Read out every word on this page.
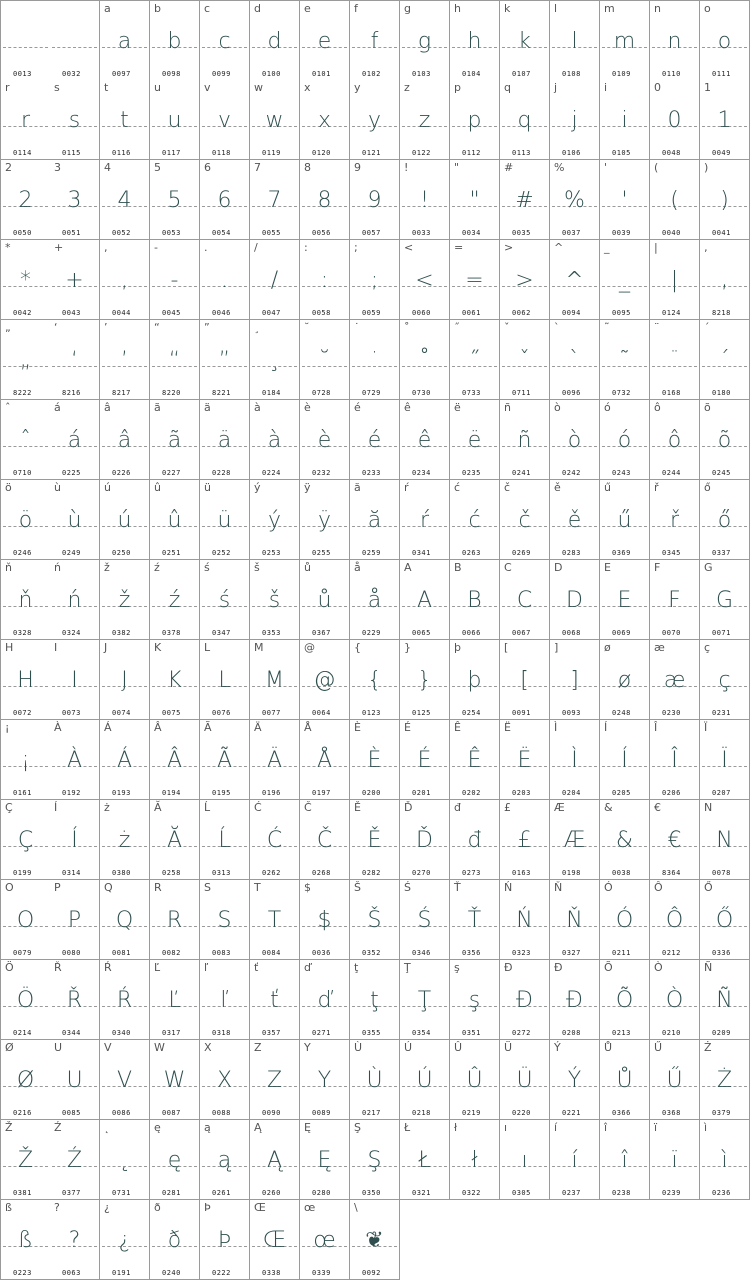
0013	0032
a
a
0097
b
b
0098
c
c
0099
d
d
0100
e
e
0101
f
f
0102
g
g
0103
h
h
0104
k
k
0107
l
l
0108
m
m
0109
n
n
0110
o
o
0111
r
r
0114
s
s
0115
t
t
0116
u
u
0117
v
v
0118
w
w
0119
x
x
0120
y
y
0121
z
z
0122
p
p
0112
q
q
0113
j
j
0106
i
i
0105
0
0
0048
1
1
0049
2
2
0050
3
3
0051
4
4
0052
5
5
0053
6
6
0054
7
7
0055
8
8
0056
9
9
0057
!
!
0033
"
"
0034
#
#
0035
%
%
0037
'
'
0039
(
(
0040
)
)
0041
*
*
0042
+
+
0043
,
,
0044
-
-
0045
.
.
0046
/
/
0047
:
:
0058
;
;
0059
<
<
0060
=
=
0061
>
>
0062
^
^
0094
_
_
0095
|
|
0124
‚
‚
8218
„
„
8222
‘
‘
8216
’
’
8217
“
“
8220
”
”
8221
¸
¸
0184
˘
˘
0728
˙
˙
0729
˚
˚
0730
˝
˝
0733
ˇ
ˇ
0711
`
`
0096
˜
˜
0732
¨
¨
0168
´
´
0180
ˆ
ˆ
0710
á
á
0225
â
â
0226
ã
ã
0227
ä
ä
0228
à
à
0224
è
è
0232
é
é
0233
ê
ê
0234
ë
ë
0235
ñ
ñ
0241
ò
ò
0242
ó
ó
0243
ô
ô
0244
õ
õ
0245
ö
ö
0246
ù
ù
0249
ú
ú
0250
û
û
0251
ü
ü
0252
ý
ý
0253
ÿ
ÿ
0255
ă
ă
0259
ŕ
ŕ
0341
ć
ć
0263
č
č
0269
ě
ě
0283
ű
ű
0369
ř
ř
0345
ő
ő
0337
ň
ň
0328
ń
ń
0324
ž
ž
0382
ź
ź
0378
ś
ś
0347
š
š
0353
ů
ů
0367
å
å
0229
A
A
0065
B
B
0066
C
C
0067
D
D
0068
E
E
0069
F
F
0070
G
G
0071
H
H
0072
I
I
0073
J
J
0074
K
K
0075
L
L
0076
M
M
0077
@
@
0064
{
{
0123
}
}
0125
þ
þ
0254
[
[
0091
]
]
0093
ø
ø
0248
æ
æ
0230
ç
ç
0231
¡
¡
0161
À
À
0192
Á
Á
0193
Â
Â
0194
Ã
Ã
0195
Ä
Ä
0196
Å
Å
0197
È
È
0200
É
É
0201
Ê
Ê
0202
Ë
Ë
0203
Ì
Ì
0204
Í
Í
0205
Î
Î
0206
Ï
Ï
0207
Ç
Ç
0199
Í
Í
0314
ż
ż
0380
Ă
Ă
0258
Ĺ
Ĺ
0313
Ć
Ć
0262
Č
Č
0268
Ě
Ě
0282
Ď
Ď
0270
đ
đ
0273
£
£
0163
Æ
Æ
0198
&
&
0038
€
€
8364
N
N
0078
O
O
0079
P
P
0080
Q
Q
0081
R
R
0082
S
S
0083
T
T
0084
$
$
0036
Š
Š
0352
Ś
Ś
0346
Ť
Ť
0356
Ń
Ń
0323
Ň
Ň
0327
Ó
Ó
0211
Ô
Ô
0212
Ő
Ő
0336
Ö
Ö
0214
Ř
Ř
0344
Ŕ
Ŕ
0340
Ľ
Ľ
0317
ľ
ľ
0318
ť
ť
0357
ď
ď
0271
ţ
ţ
0355
Ţ
Ţ
0354
ş
ş
0351
Đ
Đ
0272
Ð
Ð
0208
Õ
Õ
0213
Ò
Ò
0210
Ñ
Ñ
0209
Ø
Ø
0216
U
U
0085
V
V
0086
W
W
0087
X
X
0088
Z
Z
0090
Y
Y
0089
Ù
Ù
0217
Ú
Ú
0218
Û
Û
0219
Ü
Ü
0220
Ý
Ý
0221
Ů
Ů
0366
Ű
Ű
0368
Ż
Ż
0379
Ž
Ž
0381
Ź
Ź
0377
˛
˛
0731
ę
ę
0281
ą
ą
0261
Ą
Ą
0260
Ę
Ę
0280
Ş
Ş
0350
Ł
Ł
0321
ł
ł
0322
ı
ı
0305
í
í
0237
î
î
0238
ï
ï
0239
ì
ì
0236
ß
ß
0223
?
?
0063
¿
¿
0191
ð
ð
0240
Þ
Þ
0222
Œ
Œ
0338
œ
œ
0339
\
❦
0092
